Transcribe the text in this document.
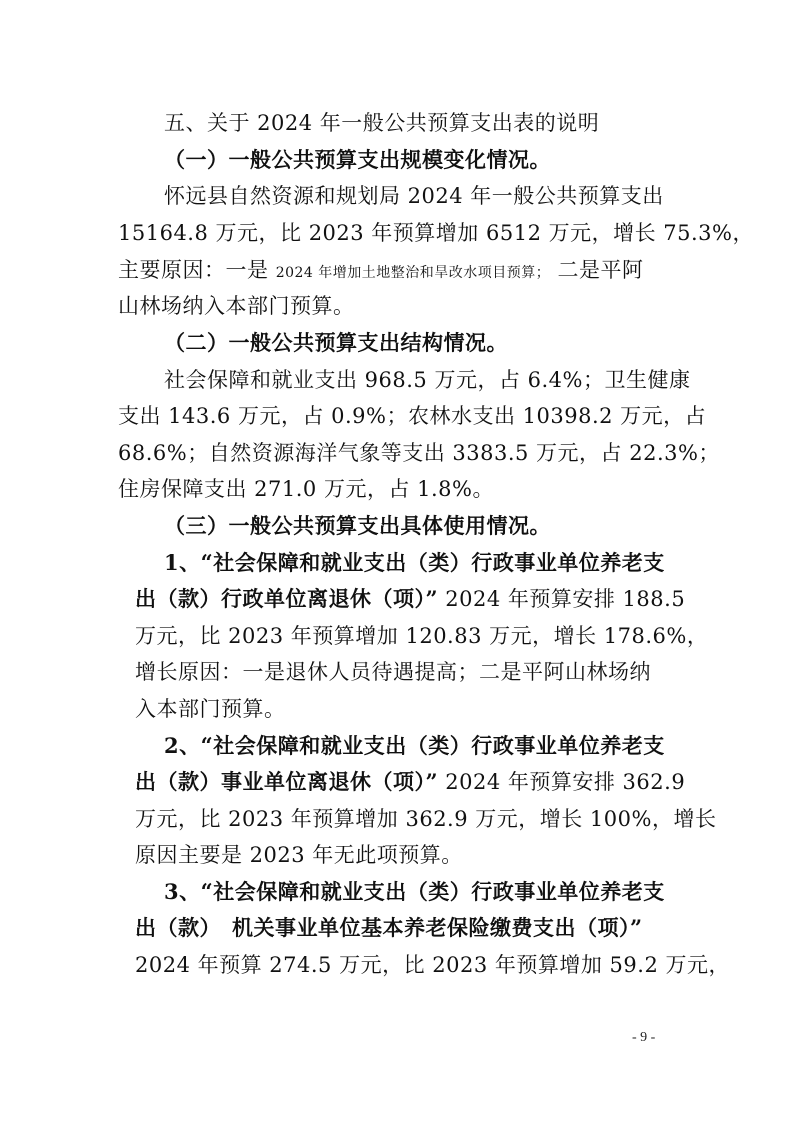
五、关于 2024 年一般公共预算支出表的说明
（一）一般公共预算支出规模变化情况。
怀远县自然资源和规划局 2024 年一般公共预算支出
15164.8 万元，比 2023 年预算增加 6512 万元，增长 75.3%，
主要原因：一是 2024 年增加土地整治和旱改水项目预算； 二是平阿
山林场纳入本部门预算。
（二）一般公共预算支出结构情况。
社会保障和就业支出 968.5 万元，占 6.4%；卫生健康
支出 143.6 万元，占 0.9%；农林水支出 10398.2 万元，占
68.6%；自然资源海洋气象等支出 3383.5 万元，占 22.3%；
住房保障支出 271.0 万元，占 1.8%。
（三）一般公共预算支出具体使用情况。
1、“社会保障和就业支出（类）行政事业单位养老支
出（款）行政单位离退休（项）” 2024 年预算安排 188.5
万元，比 2023 年预算增加 120.83 万元，增长 178.6%，
增长原因：一是退休人员待遇提高；二是平阿山林场纳
入本部门预算。
2、“社会保障和就业支出（类）行政事业单位养老支
出（款）事业单位离退休（项）” 2024 年预算安排 362.9
万元，比 2023 年预算增加 362.9 万元，增长 100%，增长
原因主要是 2023 年无此项预算。
3、“社会保障和就业支出（类）行政事业单位养老支
出（款）　机关事业单位基本养老保险缴费支出（项）”
2024 年预算 274.5 万元，比 2023 年预算增加 59.2 万元，
- 9 -
